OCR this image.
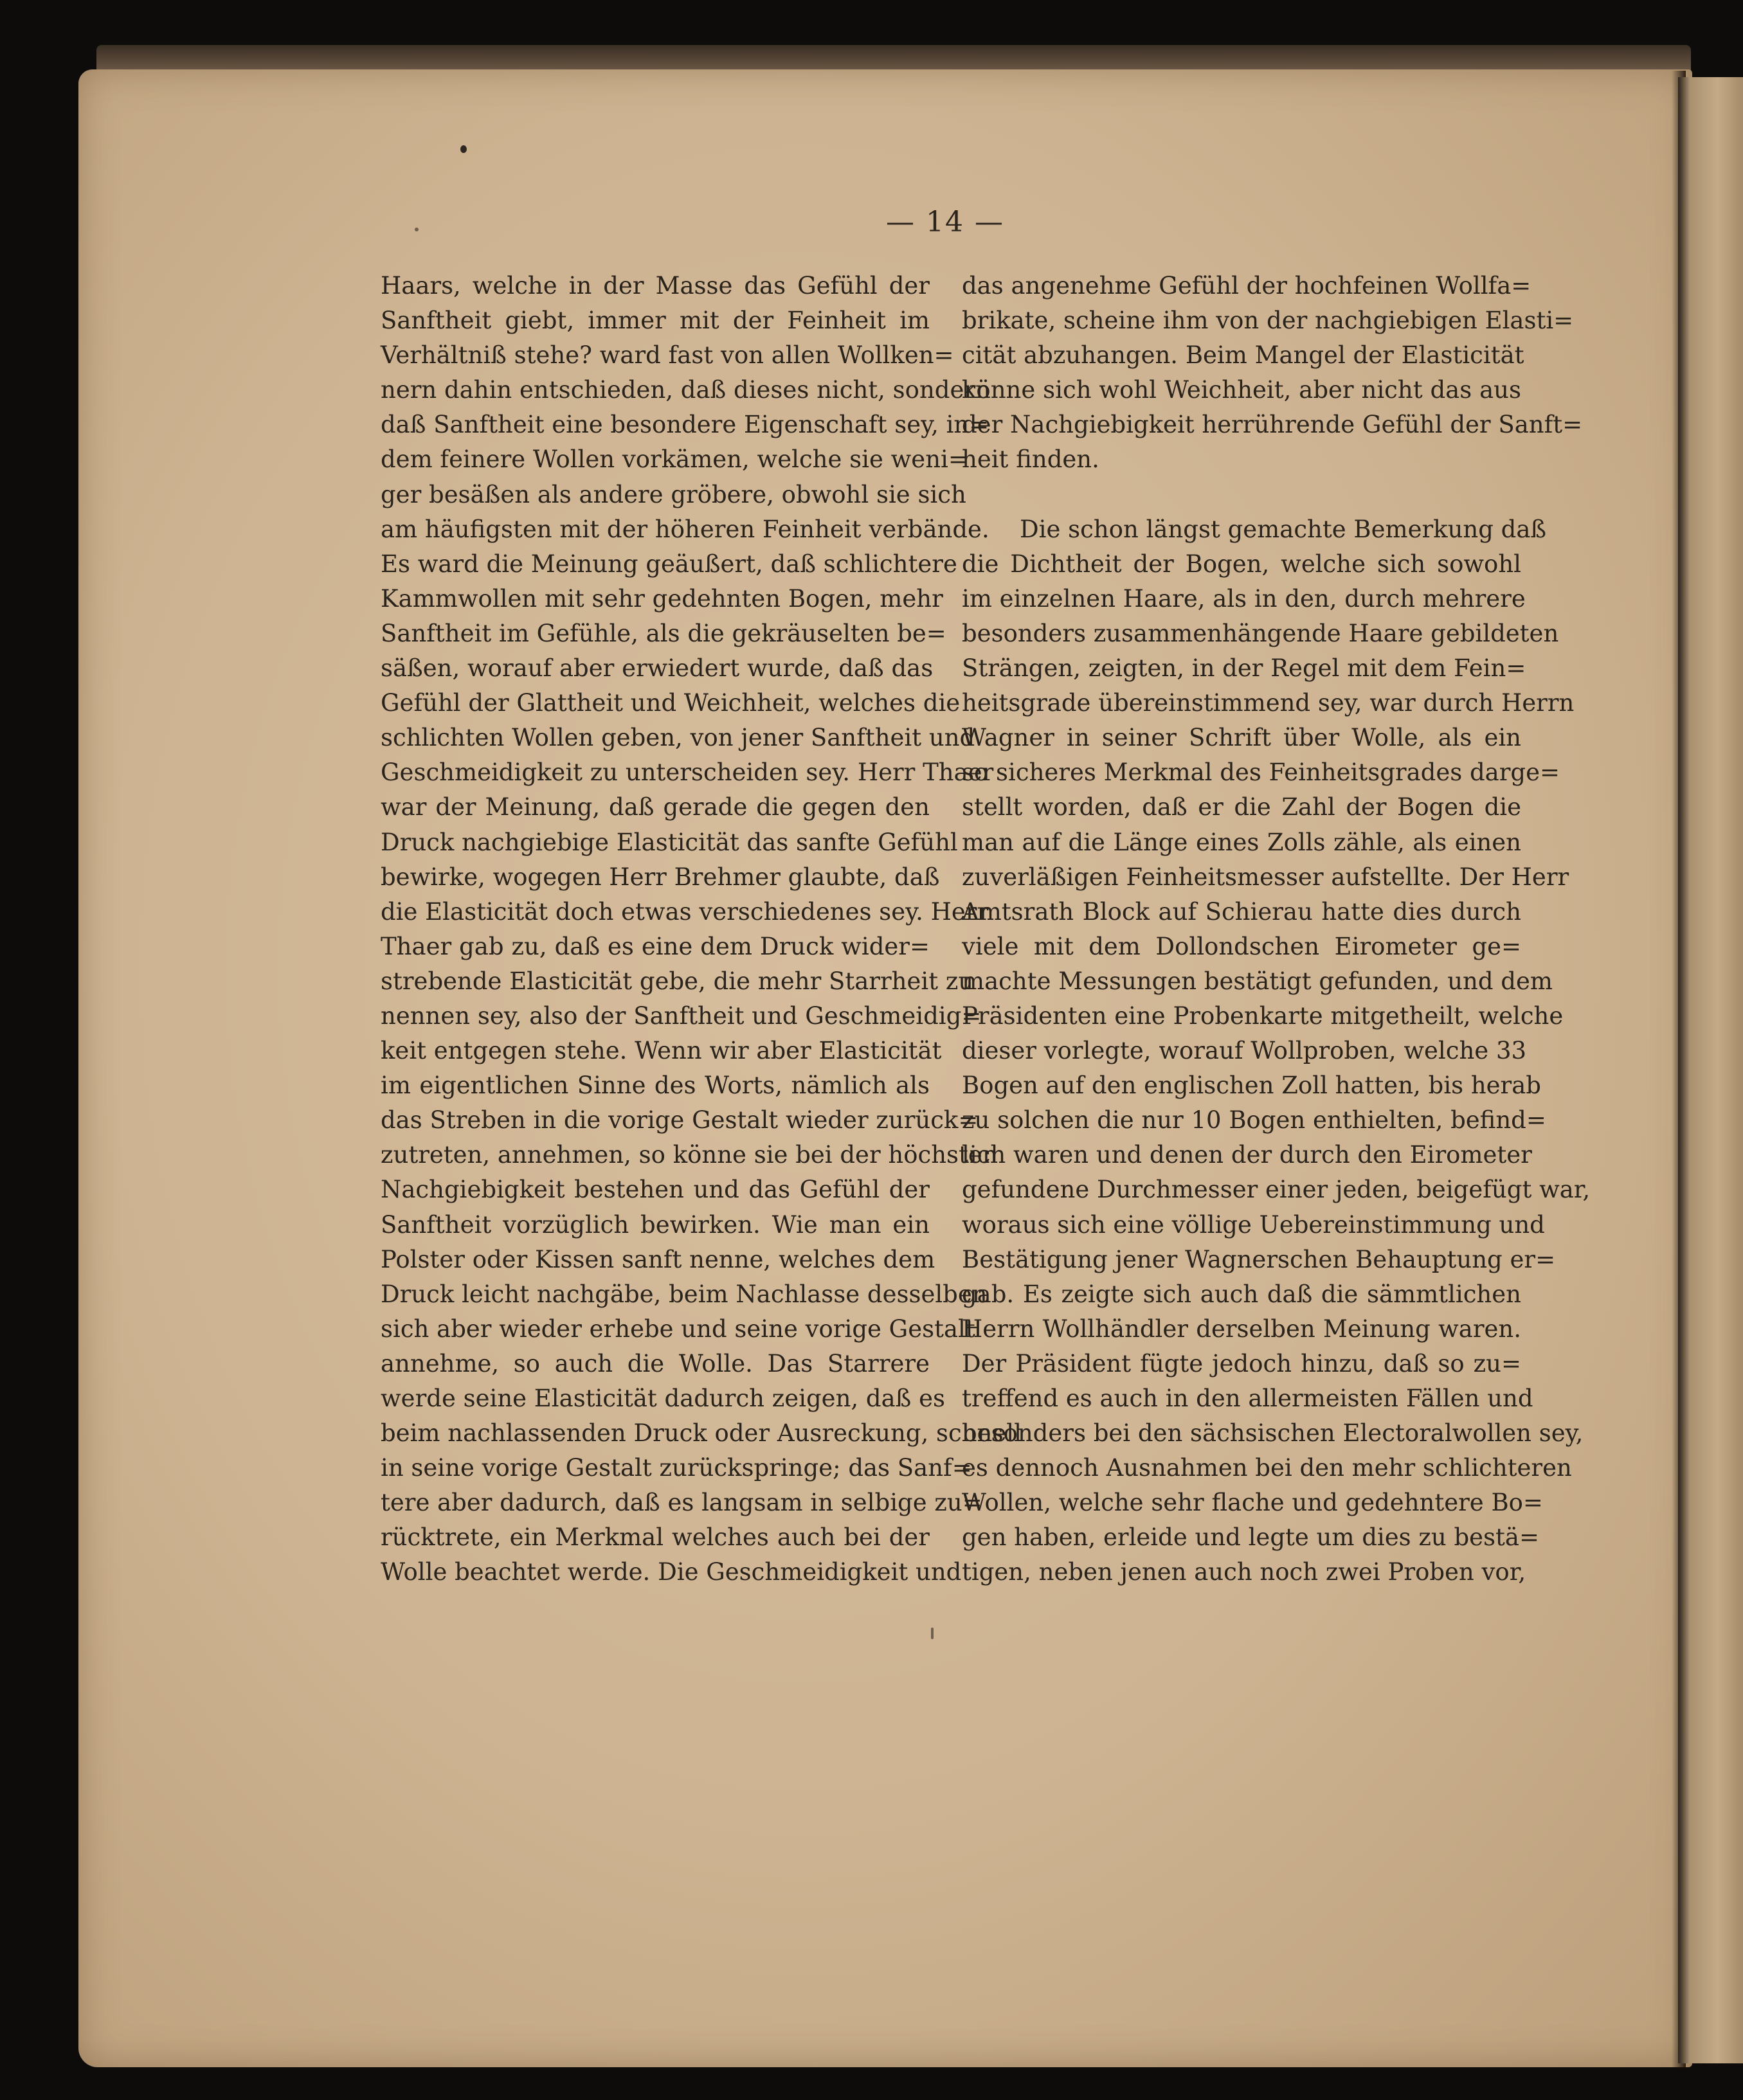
— 14 —
Haars, welche in der Masse das Gefühl der
Sanftheit giebt, immer mit der Feinheit im
Verhältniß stehe? ward fast von allen Wollken=
nern dahin entschieden, daß dieses nicht, sondern
daß Sanftheit eine besondere Eigenschaft sey, in=
dem feinere Wollen vorkämen, welche sie weni=
ger besäßen als andere gröbere, obwohl sie sich
am häufigsten mit der höheren Feinheit verbände.
Es ward die Meinung geäußert, daß schlichtere
Kammwollen mit sehr gedehnten Bogen, mehr
Sanftheit im Gefühle, als die gekräuselten be=
säßen, worauf aber erwiedert wurde, daß das
Gefühl der Glattheit und Weichheit, welches die
schlichten Wollen geben, von jener Sanftheit und
Geschmeidigkeit zu unterscheiden sey. Herr Thaer
war der Meinung, daß gerade die gegen den
Druck nachgiebige Elasticität das sanfte Gefühl
bewirke, wogegen Herr Brehmer glaubte, daß
die Elasticität doch etwas verschiedenes sey. Herr
Thaer gab zu, daß es eine dem Druck wider=
strebende Elasticität gebe, die mehr Starrheit zu
nennen sey, also der Sanftheit und Geschmeidig=
keit entgegen stehe. Wenn wir aber Elasticität
im eigentlichen Sinne des Worts, nämlich als
das Streben in die vorige Gestalt wieder zurück=
zutreten, annehmen, so könne sie bei der höchsten
Nachgiebigkeit bestehen und das Gefühl der
Sanftheit vorzüglich bewirken. Wie man ein
Polster oder Kissen sanft nenne, welches dem
Druck leicht nachgäbe, beim Nachlasse desselben
sich aber wieder erhebe und seine vorige Gestalt
annehme, so auch die Wolle. Das Starrere
werde seine Elasticität dadurch zeigen, daß es
beim nachlassenden Druck oder Ausreckung, schnell
in seine vorige Gestalt zurückspringe; das Sanf=
tere aber dadurch, daß es langsam in selbige zu=
rücktrete, ein Merkmal welches auch bei der
Wolle beachtet werde. Die Geschmeidigkeit und
das angenehme Gefühl der hochfeinen Wollfa=
brikate, scheine ihm von der nachgiebigen Elasti=
cität abzuhangen. Beim Mangel der Elasticität
könne sich wohl Weichheit, aber nicht das aus
der Nachgiebigkeit herrührende Gefühl der Sanft=
heit finden.
Die schon längst gemachte Bemerkung daß
die Dichtheit der Bogen, welche sich sowohl
im einzelnen Haare, als in den, durch mehrere
besonders zusammenhängende Haare gebildeten
Strängen, zeigten, in der Regel mit dem Fein=
heitsgrade übereinstimmend sey, war durch Herrn
Wagner in seiner Schrift über Wolle, als ein
so sicheres Merkmal des Feinheitsgrades darge=
stellt worden, daß er die Zahl der Bogen die
man auf die Länge eines Zolls zähle, als einen
zuverläßigen Feinheitsmesser aufstellte. Der Herr
Amtsrath Block auf Schierau hatte dies durch
viele mit dem Dollondschen Eirometer ge=
machte Messungen bestätigt gefunden, und dem
Präsidenten eine Probenkarte mitgetheilt, welche
dieser vorlegte, worauf Wollproben, welche 33
Bogen auf den englischen Zoll hatten, bis herab
zu solchen die nur 10 Bogen enthielten, befind=
lich waren und denen der durch den Eirometer
gefundene Durchmesser einer jeden, beigefügt war,
woraus sich eine völlige Uebereinstimmung und
Bestätigung jener Wagnerschen Behauptung er=
gab. Es zeigte sich auch daß die sämmtlichen
Herrn Wollhändler derselben Meinung waren.
Der Präsident fügte jedoch hinzu, daß so zu=
treffend es auch in den allermeisten Fällen und
besonders bei den sächsischen Electoralwollen sey,
es dennoch Ausnahmen bei den mehr schlichteren
Wollen, welche sehr flache und gedehntere Bo=
gen haben, erleide und legte um dies zu bestä=
tigen, neben jenen auch noch zwei Proben vor,
